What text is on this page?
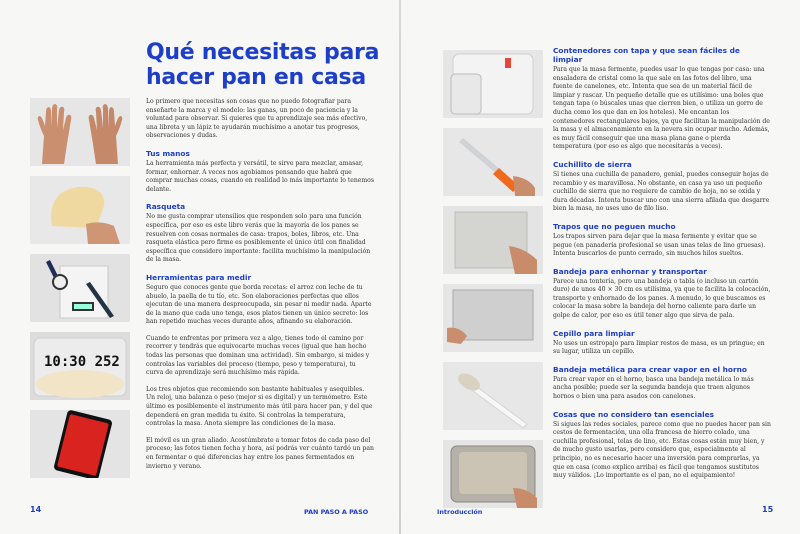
10:30 252
Qué necesitas para hacer pan en casa

Lo primero que necesitas son cosas que no puedo fotografiar para enseñarte la marca y el modelo: las ganas, un poco de paciencia y la voluntad para observar. Si quieres que tu aprendizaje sea más efectivo, una libreta y un lápiz te ayudarán muchísimo a anotar tus progresos, observaciones y dudas.

Tus manos

La herramienta más perfecta y versátil, te sirve para mezclar, amasar, formar, enhornar. A veces nos agobiamos pensando que habrá que comprar muchas cosas, cuando en realidad lo más importante lo tenemos delante.

Rasqueta

No me gusta comprar utensilios que responden solo para una función específica, por eso es este libro verás que la mayoría de los panes se resuelven con cosas normales de casa: trapos, boles, libros, etc. Una rasqueta elástica pero firme es posiblemente el único útil con finalidad específica que considero importante: facilita muchísimo la manipulación de la masa.

Herramientas para medir

Seguro que conoces gente que borda recetas: el arroz con leche de tu abuelo, la paella de tu tío, etc. Son elaboraciones perfectas que ellos ejecutan de una manera despreocupada, sin pesar ni medir nada. Aparte de la mano que cada uno tenga, esos platos tienen un único secreto: los han repetido muchas veces durante años, afinando su elaboración.

Cuando te enfrentas por primera vez a algo, tienes todo el camino por recorrer y tendrás que equivocarte muchas veces (igual que han hecho todas las personas que dominan una actividad). Sin embargo, si mides y controlas las variables del proceso (tiempo, peso y temperatura), tu curva de aprendizaje será muchísimo más rápida.

Los tres objetos que recomiendo son bastante habituales y asequibles. Un reloj, una balanza o peso (mejor si es digital) y un termómetro. Este último es posiblemente el instrumento más útil para hacer pan, y del que dependerá en gran medida tu éxito. Si controlas la temperatura, controlas la masa. Anota siempre las condiciones de la masa.

El móvil es un gran aliado. Acostúmbrate a tomar fotos de cada paso del proceso; las fotos tienen fecha y hora, así podrás ver cuánto tardó un pan en fermentar o qué diferencias hay entre los panes fermentados en invierno y verano.

14	PAN PASO A PASO
Contenedores con tapa y que sean fáciles de limpiar

Para que la masa fermente, puedes usar lo que tengas por casa: una ensaladera de cristal como la que sale en las fotos del libro, una fuente de canelones, etc. Intenta que sea de un material fácil de limpiar y rascar. Un pequeño detalle que es utilísimo: una boles que tengan tapa (o búscales unas que cierren bien, o utiliza un gorro de ducha como los que dan en los hoteles). Me encantan los contenedores rectangulares bajos, ya que facilitan la manipulación de la masa y el almacenamiento en la nevera sin ocupar mucho. Además, es muy fácil conseguir que una masa plana gane o pierda temperatura (por eso es algo que necesitarás a veces).

Cuchillito de sierra

Si tienes una cuchilla de panadero, genial, puedes conseguir hojas de recambio y es maravillosa. No obstante, en casa ya uso un pequeño cuchillo de sierra que no requiere de cambio de hoja, no se oxida y dura décadas. Intenta buscar uno con una sierra afilada que desgarre bien la masa, no uses uno de filo liso.

Trapos que no peguen mucho

Los trapos sirven para dejar que la masa fermente y evitar que se pegue (en panadería profesional se usan unas telas de lino gruesas). Intenta buscarlos de punto cerrado, sin muchos hilos sueltos.

Bandeja para enhornar y transportar

Parece una tontería, pero una bandeja o tabla (o incluso un cartón duro) de unos 40 × 30 cm es utilísima, ya que te facilita la colocación, transporte y enhornado de los panes. A menudo, lo que buscamos es colocar la masa sobre la bandeja del horno caliente para darle un golpe de calor, por eso es útil tener algo que sirva de pala.

Cepillo para limpiar

No uses un estropajo para limpiar restos de masa, es un pringue; en su lugar, utiliza un cepillo.

Bandeja metálica para crear vapor en el horno

Para crear vapor en el horno, basca una bandeja metálica lo más ancha posible; puede ser la segunda bandeja que traen algunos hornos o bien una para asados con canelones.

Cosas que no considero tan esenciales

Si sigues las redes sociales, parece como que no puedes hacer pan sin cestos de fermentación, una olla francesa de hierro colado, una cuchilla profesional, telas de lino, etc. Estas cosas están muy bien, y de mucho gusto usarlas, pero considero que, especialmente al principio, no es necesario hacer una inversión para comprarlas, ya que en casa (como explico arriba) es fácil que tengamos sustitutos muy válidos. ¡Lo importante es el pan, no el equipamiento!

Introducción	15
